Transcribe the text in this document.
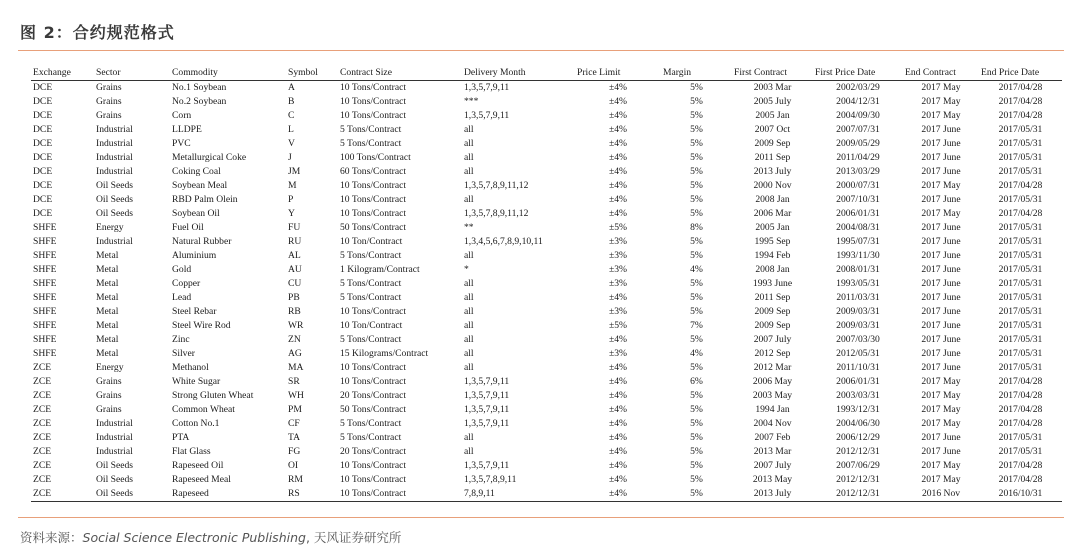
图 2：合约规范格式
Exchange	Sector	Commodity	Symbol	Contract Size	Delivery Month	Price Limit	Margin	First Contract	First Price Date	End Contract	End Price Date
DCE	Grains	No.1 Soybean	A	10 Tons/Contract	1,3,5,7,9,11	±4%	5%	2003 Mar	2002/03/29	2017 May	2017/04/28
DCE	Grains	No.2 Soybean	B	10 Tons/Contract	***	±4%	5%	2005 July	2004/12/31	2017 May	2017/04/28
DCE	Grains	Corn	C	10 Tons/Contract	1,3,5,7,9,11	±4%	5%	2005 Jan	2004/09/30	2017 May	2017/04/28
DCE	Industrial	LLDPE	L	5 Tons/Contract	all	±4%	5%	2007 Oct	2007/07/31	2017 June	2017/05/31
DCE	Industrial	PVC	V	5 Tons/Contract	all	±4%	5%	2009 Sep	2009/05/29	2017 June	2017/05/31
DCE	Industrial	Metallurgical Coke	J	100 Tons/Contract	all	±4%	5%	2011 Sep	2011/04/29	2017 June	2017/05/31
DCE	Industrial	Coking Coal	JM	60 Tons/Contract	all	±4%	5%	2013 July	2013/03/29	2017 June	2017/05/31
DCE	Oil Seeds	Soybean Meal	M	10 Tons/Contract	1,3,5,7,8,9,11,12	±4%	5%	2000 Nov	2000/07/31	2017 May	2017/04/28
DCE	Oil Seeds	RBD Palm Olein	P	10 Tons/Contract	all	±4%	5%	2008 Jan	2007/10/31	2017 June	2017/05/31
DCE	Oil Seeds	Soybean Oil	Y	10 Tons/Contract	1,3,5,7,8,9,11,12	±4%	5%	2006 Mar	2006/01/31	2017 May	2017/04/28
SHFE	Energy	Fuel Oil	FU	50 Tons/Contract	**	±5%	8%	2005 Jan	2004/08/31	2017 June	2017/05/31
SHFE	Industrial	Natural Rubber	RU	10 Ton/Contract	1,3,4,5,6,7,8,9,10,11	±3%	5%	1995 Sep	1995/07/31	2017 June	2017/05/31
SHFE	Metal	Aluminium	AL	5 Tons/Contract	all	±3%	5%	1994 Feb	1993/11/30	2017 June	2017/05/31
SHFE	Metal	Gold	AU	1 Kilogram/Contract	*	±3%	4%	2008 Jan	2008/01/31	2017 June	2017/05/31
SHFE	Metal	Copper	CU	5 Tons/Contract	all	±3%	5%	1993 June	1993/05/31	2017 June	2017/05/31
SHFE	Metal	Lead	PB	5 Tons/Contract	all	±4%	5%	2011 Sep	2011/03/31	2017 June	2017/05/31
SHFE	Metal	Steel Rebar	RB	10 Tons/Contract	all	±3%	5%	2009 Sep	2009/03/31	2017 June	2017/05/31
SHFE	Metal	Steel Wire Rod	WR	10 Ton/Contract	all	±5%	7%	2009 Sep	2009/03/31	2017 June	2017/05/31
SHFE	Metal	Zinc	ZN	5 Tons/Contract	all	±4%	5%	2007 July	2007/03/30	2017 June	2017/05/31
SHFE	Metal	Silver	AG	15 Kilograms/Contract	all	±3%	4%	2012 Sep	2012/05/31	2017 June	2017/05/31
ZCE	Energy	Methanol	MA	10 Tons/Contract	all	±4%	5%	2012 Mar	2011/10/31	2017 June	2017/05/31
ZCE	Grains	White Sugar	SR	10 Tons/Contract	1,3,5,7,9,11	±4%	6%	2006 May	2006/01/31	2017 May	2017/04/28
ZCE	Grains	Strong Gluten Wheat	WH	20 Tons/Contract	1,3,5,7,9,11	±4%	5%	2003 May	2003/03/31	2017 May	2017/04/28
ZCE	Grains	Common Wheat	PM	50 Tons/Contract	1,3,5,7,9,11	±4%	5%	1994 Jan	1993/12/31	2017 May	2017/04/28
ZCE	Industrial	Cotton No.1	CF	5 Tons/Contract	1,3,5,7,9,11	±4%	5%	2004 Nov	2004/06/30	2017 May	2017/04/28
ZCE	Industrial	PTA	TA	5 Tons/Contract	all	±4%	5%	2007 Feb	2006/12/29	2017 June	2017/05/31
ZCE	Industrial	Flat Glass	FG	20 Tons/Contract	all	±4%	5%	2013 Mar	2012/12/31	2017 June	2017/05/31
ZCE	Oil Seeds	Rapeseed Oil	OI	10 Tons/Contract	1,3,5,7,9,11	±4%	5%	2007 July	2007/06/29	2017 May	2017/04/28
ZCE	Oil Seeds	Rapeseed Meal	RM	10 Tons/Contract	1,3,5,7,8,9,11	±4%	5%	2013 May	2012/12/31	2017 May	2017/04/28
ZCE	Oil Seeds	Rapeseed	RS	10 Tons/Contract	7,8,9,11	±4%	5%	2013 July	2012/12/31	2016 Nov	2016/10/31
资料来源：Social Science Electronic Publishing, 天风证券研究所
